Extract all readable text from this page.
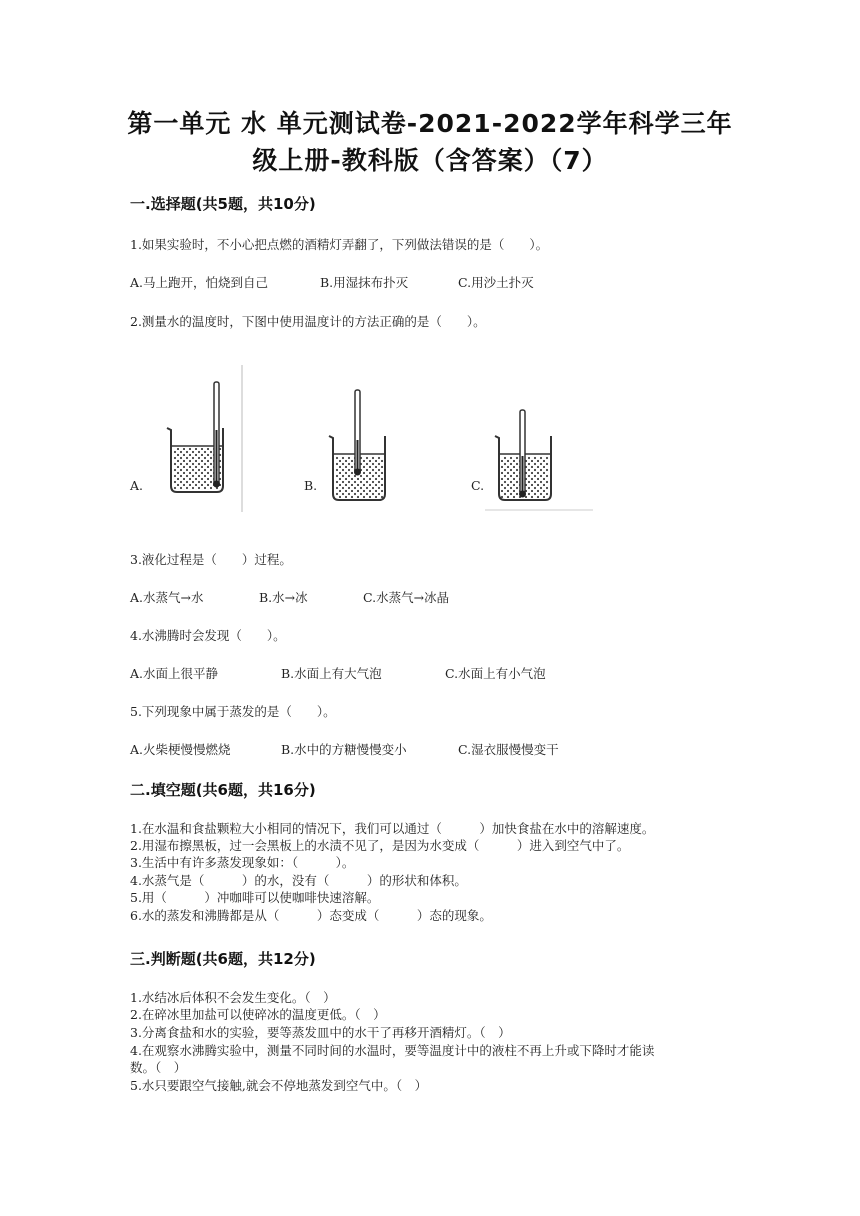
第一单元 水 单元测试卷-2021-2022学年科学三年
级上册-教科版（含答案）（7）
一.选择题(共5题，共10分)
1.如果实验时，不小心把点燃的酒精灯弄翻了，下列做法错误的是（　　）。
A.马上跑开，怕烧到自己	B.用湿抹布扑灭	C.用沙土扑灭
2.测量水的温度时，下图中使用温度计的方法正确的是（　　）。
A.	B.	C.
3.液化过程是（　　）过程。
A.水蒸气→水	B.水→冰	C.水蒸气→冰晶
4.水沸腾时会发现（　　）。
A.水面上很平静	B.水面上有大气泡	C.水面上有小气泡
5.下列现象中属于蒸发的是（　　）。
A.火柴梗慢慢燃烧	B.水中的方糖慢慢变小	C.湿衣服慢慢变干
二.填空题(共6题，共16分)
1.在水温和食盐颗粒大小相同的情况下，我们可以通过（　　　）加快食盐在水中的溶解速度。
2.用湿布擦黑板，过一会黑板上的水渍不见了，是因为水变成（　　　）进入到空气中了。
3.生活中有许多蒸发现象如：（　　　）。
4.水蒸气是（　　　）的水，没有（　　　）的形状和体积。
5.用（　　　）冲咖啡可以使咖啡快速溶解。
6.水的蒸发和沸腾都是从（　　　）态变成（　　　）态的现象。
三.判断题(共6题，共12分)
1.水结冰后体积不会发生变化。（　）
2.在碎冰里加盐可以使碎冰的温度更低。（　）
3.分离食盐和水的实验，要等蒸发皿中的水干了再移开酒精灯。（　）
4.在观察水沸腾实验中，测量不同时间的水温时，要等温度计中的液柱不再上升或下降时才能读
数。（　）
5.水只要跟空气接触,就会不停地蒸发到空气中。（　）
